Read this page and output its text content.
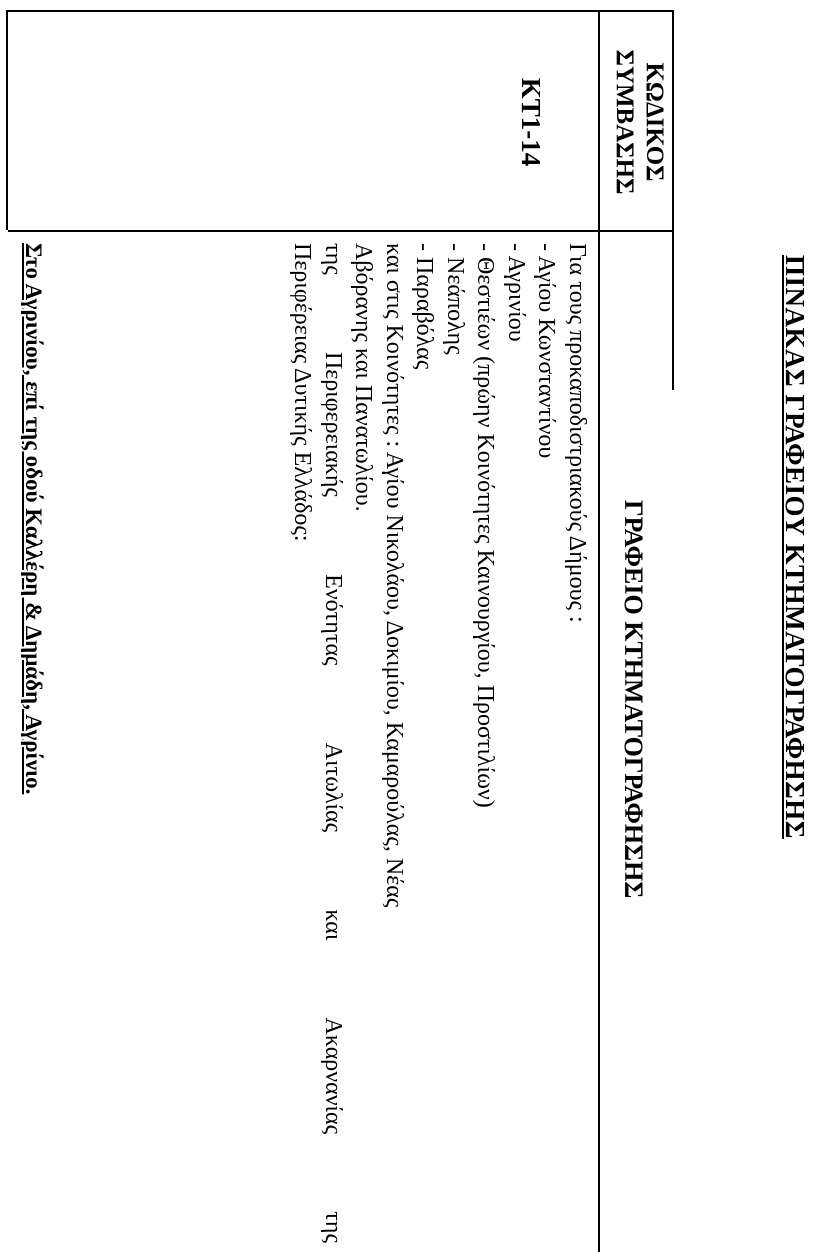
ΠΙΝΑΚΑΣ ΓΡΑΦΕΙΟΥ ΚΤΗΜΑΤΟΓΡΑΦΗΣΗΣ
ΚΩΔΙΚΟΣ
ΣΥΜΒΑΣΗΣ
ΓΡΑΦΕΙΟ ΚΤΗΜΑΤΟΓΡΑΦΗΣΗΣ
ΚΤ1-14
Για τους προκαποδιστριακούς Δήμους :
- Αγίου Κωνσταντίνου
- Αγρινίου
- Θεστιέων (πρώην Κοινότητες Καινουργίου, Προστιλίων)
- Νεάπολης
- Παραβόλας
και στις Κοινότητες : Αγίου Νικολάου, Δοκιμίου, Καμαρούλας, Νέας
Αβόρανης και Πανατωλίου.
της
Περιφερειακής
Ενότητας
Αιτωλίας
και
Ακαρνανίας
της
Περιφέρειας Δυτικής Ελλάδος:
Στο Αγρινίου, επί της οδού Καλλέρη & Δημάδη, Αγρίνιο.
